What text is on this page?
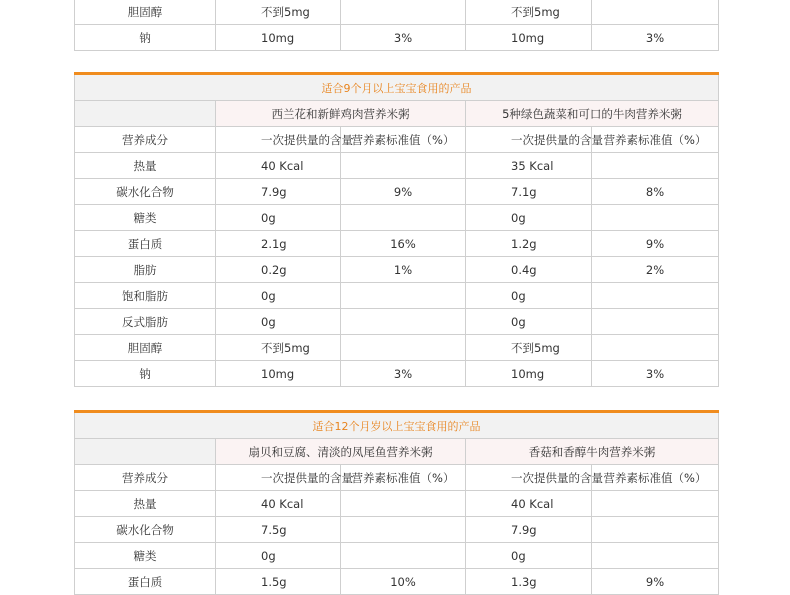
胆固醇	不到5mg		不到5mg	
钠	10mg	3%	10mg	3%
适合9个月以上宝宝食用的产品				
	西兰花和新鲜鸡肉营养米粥		5种绿色蔬菜和可口的牛肉营养米粥	
营养成分	一次提供量的含量	营养素标准值（%）	一次提供量的含量	营养素标准值（%）
热量	40 Kcal		35 Kcal	
碳水化合物	7.9g	9%	7.1g	8%
糖类	0g		0g	
蛋白质	2.1g	16%	1.2g	9%
脂肪	0.2g	1%	0.4g	2%
饱和脂肪	0g		0g	
反式脂肪	0g		0g	
胆固醇	不到5mg		不到5mg	
钠	10mg	3%	10mg	3%
适合12个月岁以上宝宝食用的产品				
	扇贝和豆腐、清淡的凤尾鱼营养米粥		香菇和香醇牛肉营养米粥	
营养成分	一次提供量的含量	营养素标准值（%）	一次提供量的含量	营养素标准值（%）
热量	40 Kcal		40 Kcal	
碳水化合物	7.5g		7.9g	
糖类	0g		0g	
蛋白质	1.5g	10%	1.3g	9%
